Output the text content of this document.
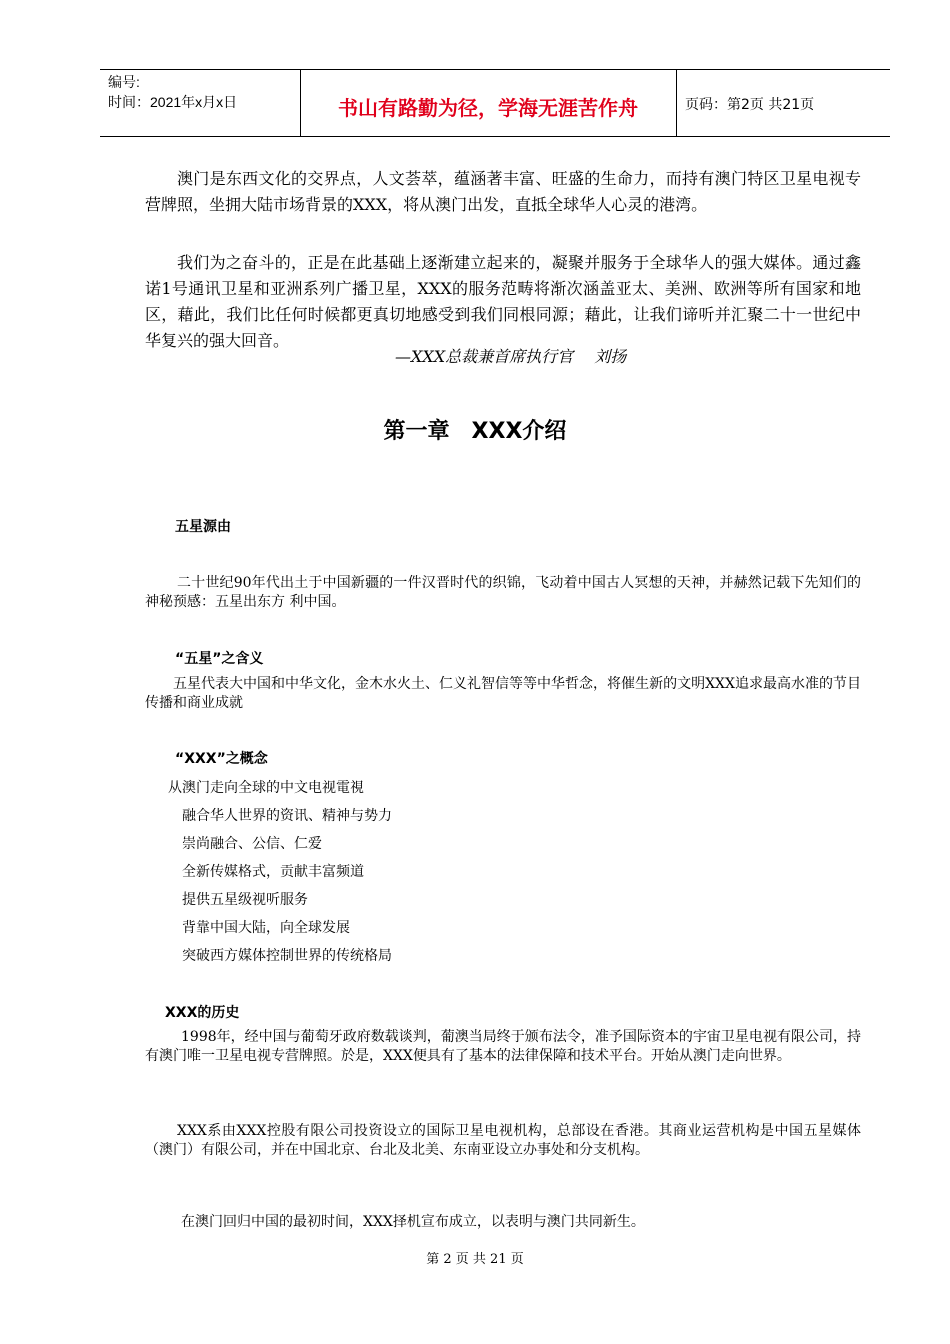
编号:
时间：2021年x月x日	书山有路勤为径，学海无涯苦作舟	页码：第2页 共21页
澳门是东西文化的交界点，人文荟萃，蕴涵著丰富、旺盛的生命力，而持有澳门特区卫星电视专营牌照，坐拥大陆市场背景的XXX，将从澳门出发，直抵全球华人心灵的港湾。
我们为之奋斗的，正是在此基础上逐渐建立起来的，凝聚并服务于全球华人的强大媒体。通过鑫诺1号通讯卫星和亚洲系列广播卫星，XXX的服务范畴将渐次涵盖亚太、美洲、欧洲等所有国家和地区，藉此，我们比任何时候都更真切地感受到我们同根同源；藉此，让我们谛听并汇聚二十一世纪中华复兴的强大回音。
—XXX总裁兼首席执行官　 刘扬
第一章　XXX介绍
五星源由
二十世纪90年代出土于中国新疆的一件汉晋时代的织锦，飞动着中国古人冥想的天神，并赫然记载下先知们的神秘预感：五星出东方 利中国。
“五星”之含义
五星代表大中国和中华文化，金木水火土、仁义礼智信等等中华哲念，将催生新的文明XXX追求最高水准的节目传播和商业成就
“XXX”之概念
从澳门走向全球的中文电视電視
融合华人世界的资讯、精神与势力
崇尚融合、公信、仁爱
全新传媒格式，贡献丰富频道
提供五星级视听服务
背靠中国大陆，向全球发展
突破西方媒体控制世界的传统格局
XXX的历史
1998年，经中国与葡萄牙政府数载谈判，葡澳当局终于颁布法令，准予国际资本的宇宙卫星电视有限公司，持有澳门唯一卫星电视专营牌照。於是，XXX便具有了基本的法律保障和技术平台。开始从澳门走向世界。
XXX系由XXX控股有限公司投资设立的国际卫星电视机构，总部设在香港。其商业运营机构是中国五星媒体（澳门）有限公司，并在中国北京、台北及北美、东南亚设立办事处和分支机构。
在澳门回归中国的最初时间，XXX择机宣布成立，以表明与澳门共同新生。
第 2 页 共 21 页
